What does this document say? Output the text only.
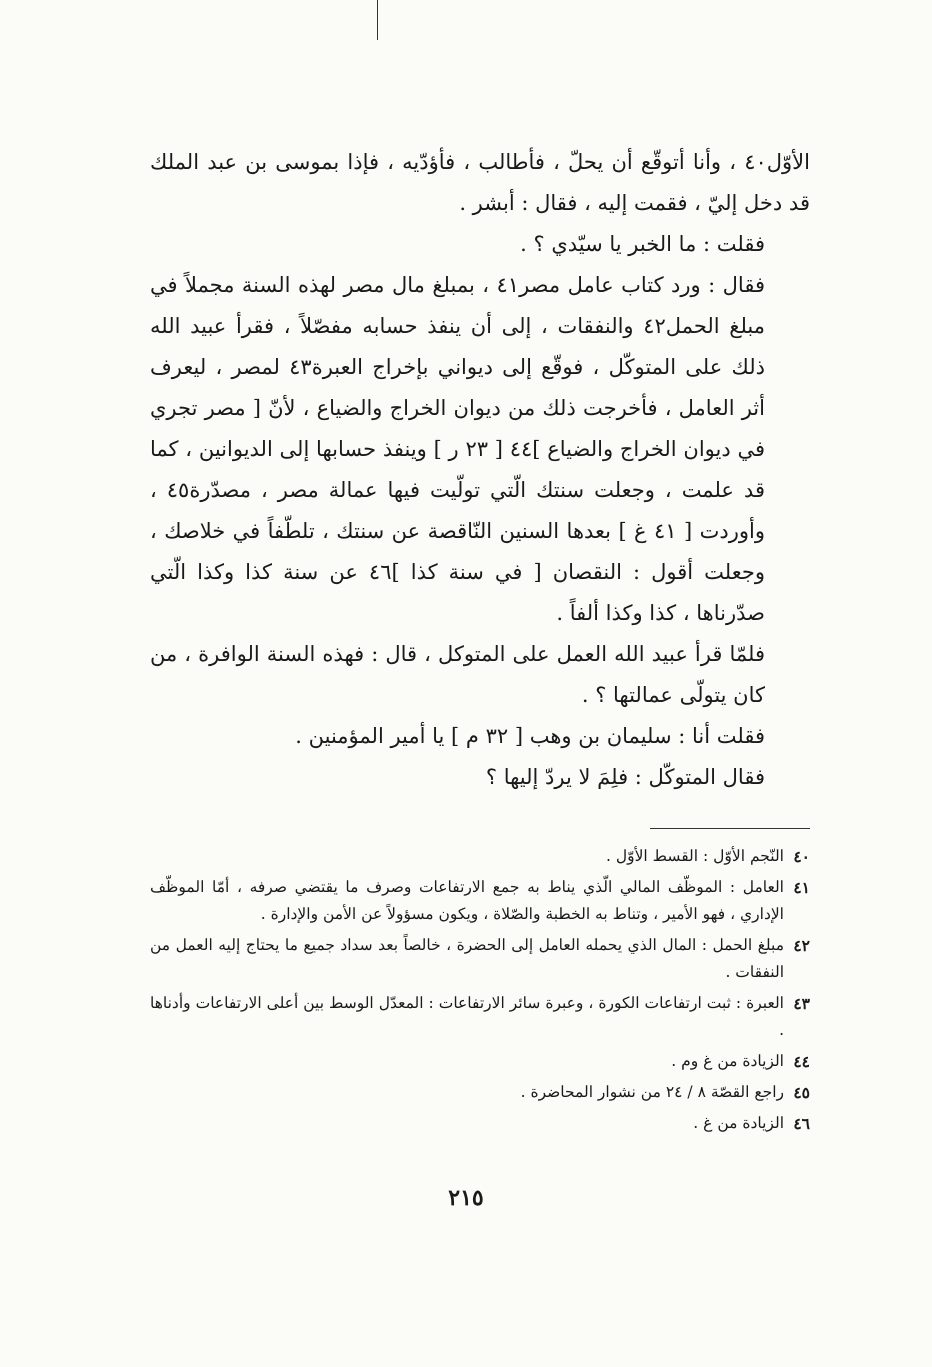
الأوّل٤٠ ، وأنا أتوقّع أن يحلّ ، فأطالب ، فأؤدّيه ، فإذا بموسى بن عبد الملك قد دخل إليّ ، فقمت إليه ، فقال : أبشر .

فقلت : ما الخبر يا سيّدي ؟ .

فقال : ورد كتاب عامل مصر٤١ ، بمبلغ مال مصر لهذه السنة مجملاً في مبلغ الحمل٤٢ والنفقات ، إلى أن ينفذ حسابه مفصّلاً ، فقرأ عبيد الله ذلك على المتوكّل ، فوقّع إلى ديواني بإخراج العبرة٤٣ لمصر ، ليعرف أثر العامل ، فأخرجت ذلك من ديوان الخراج والضياع ، لأنّ [ مصر تجري في ديوان الخراج والضياع ]٤٤ [ ٢٣ ر ] وينفذ حسابها إلى الديوانين ، كما قد علمت ، وجعلت سنتك الّتي تولّيت فيها عمالة مصر ، مصدّرة٤٥ ، وأوردت [ ٤١ غ ] بعدها السنين النّاقصة عن سنتك ، تلطّفاً في خلاصك ، وجعلت أقول : النقصان [ في سنة كذا ]٤٦ عن سنة كذا وكذا الّتي صدّرناها ، كذا وكذا ألفاً .

فلمّا قرأ عبيد الله العمل على المتوكل ، قال : فهذه السنة الوافرة ، من كان يتولّى عمالتها ؟ .

فقلت أنا : سليمان بن وهب [ ٣٢ م ] يا أمير المؤمنين .

فقال المتوكّل : فلِمَ لا يردّ إليها ؟

٤٠
النّجم الأوّل : القسط الأوّل .
٤١
العامل : الموظّف المالي الّذي يناط به جمع الارتفاعات وصرف ما يقتضي صرفه ، أمّا الموظّف الإداري ، فهو الأمير ، وتناط به الخطبة والصّلاة ، ويكون مسؤولاً عن الأمن والإدارة .
٤٢
مبلغ الحمل : المال الذي يحمله العامل إلى الحضرة ، خالصاً بعد سداد جميع ما يحتاج إليه العمل من النفقات .
٤٣
العبرة : ثبت ارتفاعات الكورة ، وعبرة سائر الارتفاعات : المعدّل الوسط بين أعلى الارتفاعات وأدناها .
٤٤
الزيادة من غ وم .
٤٥
راجع القصّة ٨ / ٢٤ من نشوار المحاضرة .
٤٦
الزيادة من غ .
٢١٥
